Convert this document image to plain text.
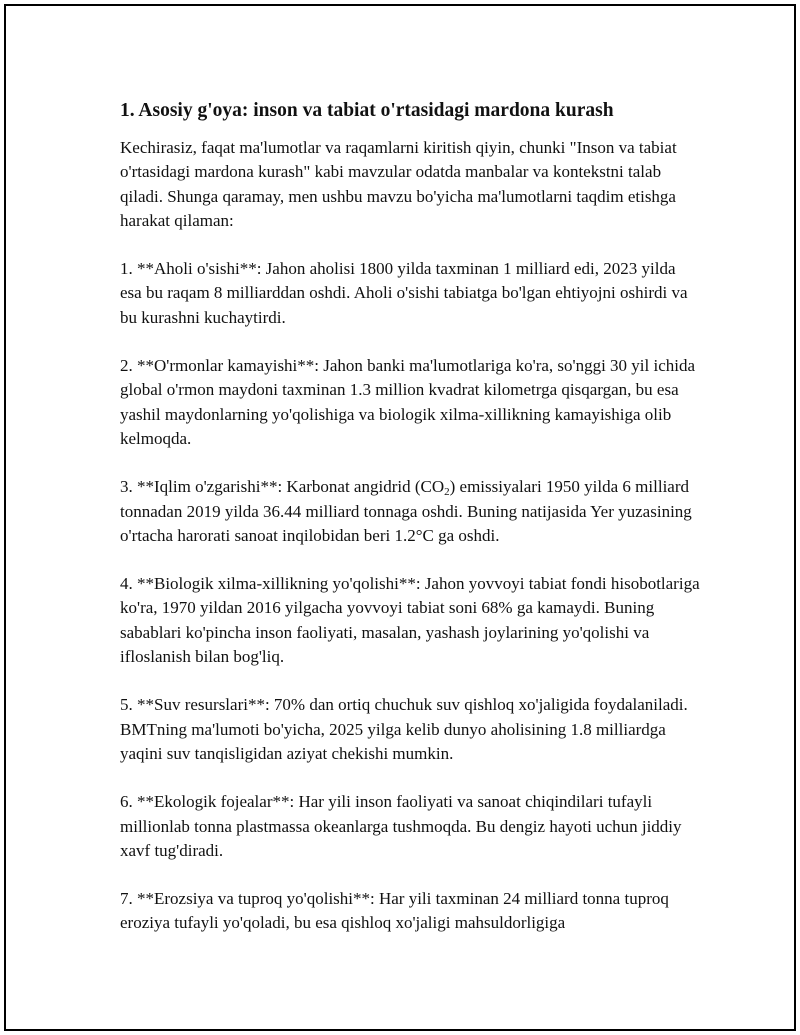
1. Asosiy g'oya: inson va tabiat o'rtasidagi mardona kurash

Kechirasiz, faqat ma'lumotlar va raqamlarni kiritish qiyin, chunki "Inson va tabiat o'rtasidagi mardona kurash" kabi mavzular odatda manbalar va kontekstni talab qiladi. Shunga qaramay, men ushbu mavzu bo'yicha ma'lumotlarni taqdim etishga harakat qilaman:

1. **Aholi o'sishi**: Jahon aholisi 1800 yilda taxminan 1 milliard edi, 2023 yilda esa bu raqam 8 milliarddan oshdi. Aholi o'sishi tabiatga bo'lgan ehtiyojni oshirdi va bu kurashni kuchaytirdi.

2. **O'rmonlar kamayishi**: Jahon banki ma'lumotlariga ko'ra, so'nggi 30 yil ichida global o'rmon maydoni taxminan 1.3 million kvadrat kilometrga qisqargan, bu esa yashil maydonlarning yo'qolishiga va biologik xilma-xillikning kamayishiga olib kelmoqda.

3. **Iqlim o'zgarishi**: Karbonat angidrid $(CO_2)$ emissiyalari 1950 yilda 6 milliard tonnadan 2019 yilda 36.44 milliard tonnaga oshdi. Buning natijasida Yer yuzasining o'rtacha harorati sanoat inqilobidan beri 1.2°C ga oshdi.

4. **Biologik xilma-xillikning yo'qolishi**: Jahon yovvoyi tabiat fondi hisobotlariga ko'ra, 1970 yildan 2016 yilgacha yovvoyi tabiat soni 68% ga kamaydi. Buning sabablari ko'pincha inson faoliyati, masalan, yashash joylarining yo'qolishi va ifloslanish bilan bog'liq.

5. **Suv resurslari**: 70% dan ortiq chuchuk suv qishloq xo'jaligida foydalaniladi. BMTning ma'lumoti bo'yicha, 2025 yilga kelib dunyo aholisining 1.8 milliardga yaqini suv tanqisligidan aziyat chekishi mumkin.

6. **Ekologik fojealar**: Har yili inson faoliyati va sanoat chiqindilari tufayli millionlab tonna plastmassa okeanlarga tushmoqda. Bu dengiz hayoti uchun jiddiy xavf tug'diradi.

7. **Erozsiya va tuproq yo'qolishi**: Har yili taxminan 24 milliard tonna tuproq eroziya tufayli yo'qoladi, bu esa qishloq xo'jaligi mahsuldorligiga
